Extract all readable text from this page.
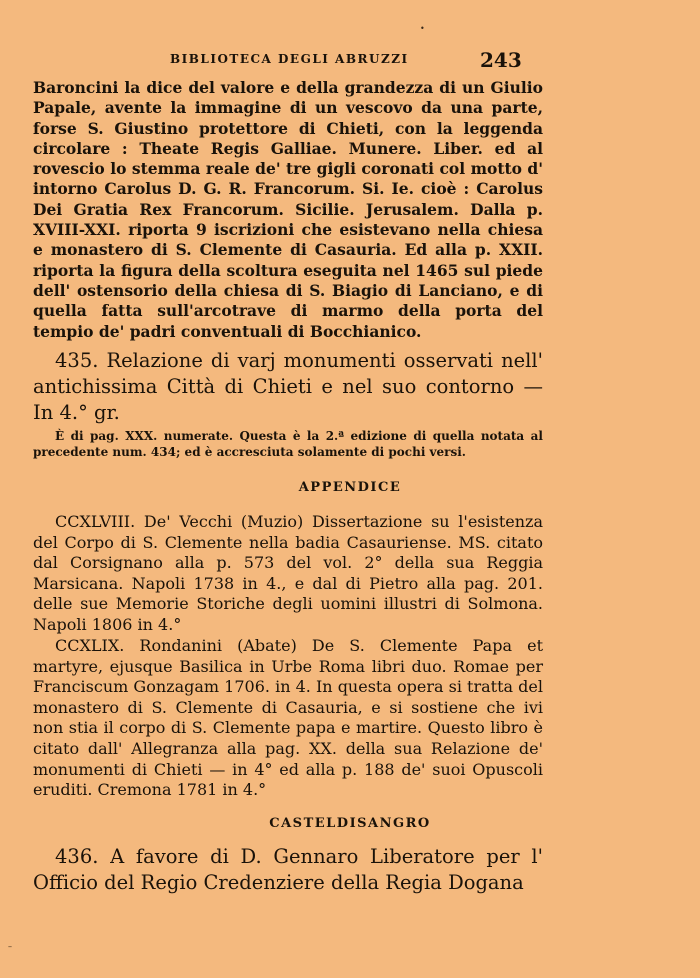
BIBLIOTECA DEGLI ABRUZZI	243
Baroncini la dice del valore e della grandezza di un Giulio Papale, avente la immagine di un vescovo da una parte, forse S. Giustino protettore di Chieti, con la leggenda circolare : Theate Regis Galliae. Munere. Liber. ed al rovescio lo stemma reale de' tre gigli coronati col motto d' intorno Carolus D. G. R. Francorum. Si. Ie. cioè : Carolus Dei Gratia Rex Francorum. Sicilie. Jerusalem. Dalla p. XVIII-XXI. riporta 9 iscrizioni che esistevano nella chiesa e monastero di S. Clemente di Casauria. Ed alla p. XXII. riporta la figura della scoltura eseguita nel 1465 sul piede dell' ostensorio della chiesa di S. Biagio di Lanciano, e di quella fatta sull'arcotrave di marmo della porta del tempio de' padri conventuali di Bocchianico.
435. Relazione di varj monumenti osservati nell' antichissima Città di Chieti e nel suo contorno — In 4.° gr.
È di pag. XXX. numerate. Questa è la 2.ª edizione di quella notata al precedente num. 434; ed è accresciuta solamente di pochi versi.
APPENDICE
CCXLVIII. De' Vecchi (Muzio) Dissertazione su l'esistenza del Corpo di S. Clemente nella badia Casauriense. MS. citato dal Corsignano alla p. 573 del vol. 2° della sua Reggia Marsicana. Napoli 1738 in 4., e dal di Pietro alla pag. 201. delle sue Memorie Storiche degli uomini illustri di Solmona. Napoli 1806 in 4.°
CCXLIX. Rondanini (Abate) De S. Clemente Papa et martyre, ejusque Basilica in Urbe Roma libri duo. Romae per Franciscum Gonzagam 1706. in 4. In questa opera si tratta del monastero di S. Clemente di Casauria, e si sostiene che ivi non stia il corpo di S. Clemente papa e martire. Questo libro è citato dall' Allegranza alla pag. XX. della sua Relazione de' monumenti di Chieti — in 4° ed alla p. 188 de' suoi Opuscoli eruditi. Cremona 1781 in 4.°
CASTELDISANGRO
436. A favore di D. Gennaro Liberatore per l' Officio del Regio Credenziere della Regia Dogana
•
–
